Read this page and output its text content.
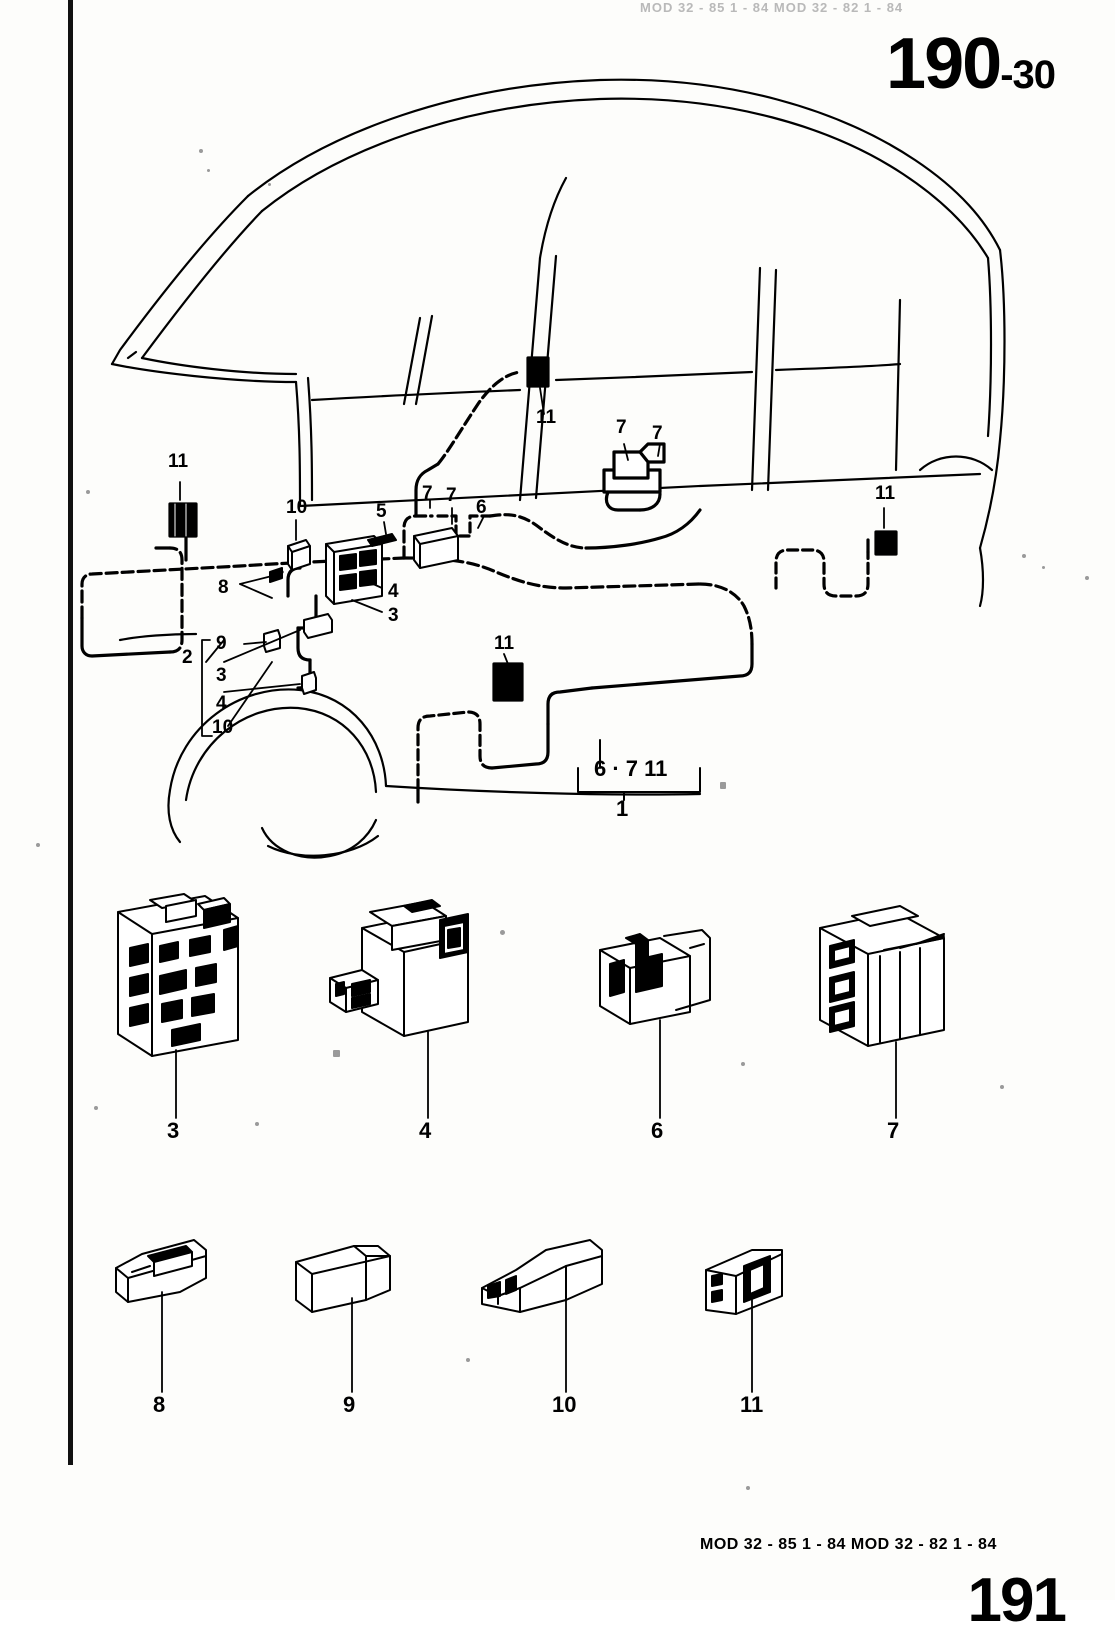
MOD 32 - 85 1 - 84 MOD 32 - 82 1 - 84
190-30
11
10	5
7 7
6
11	7 7
11
8	4
3
9
2
3
4
10
11
6 · 7 11
1
3	4	6	7
8	9	10	11
MOD 32 - 85 1 - 84 MOD 32 - 82 1 - 84
191
